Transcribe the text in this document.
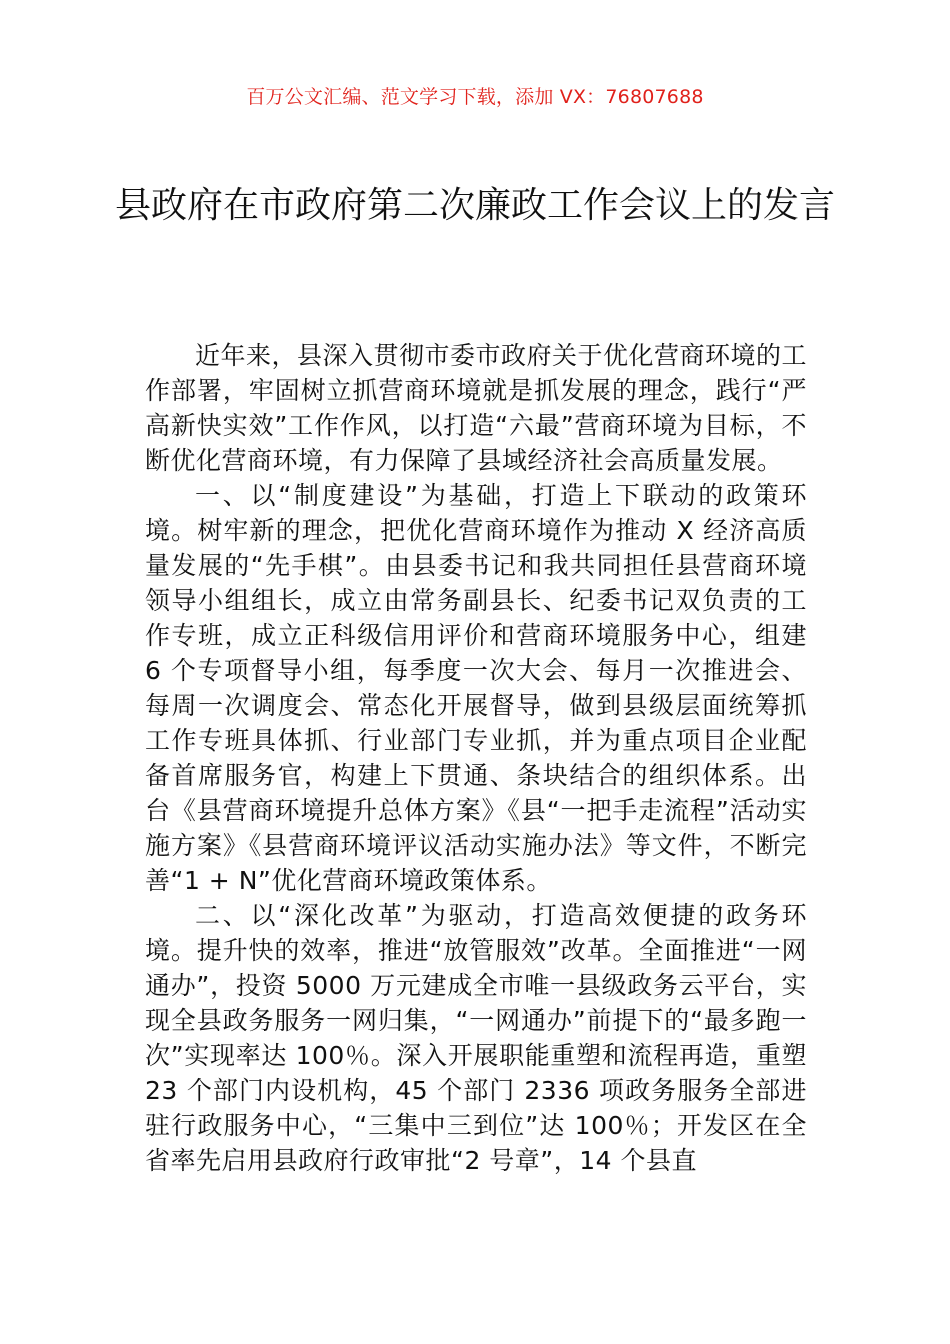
百万公文汇编、范文学习下载，添加 VX：76807688
县政府在市政府第二次廉政工作会议上的发言

近年来，县深入贯彻市委市政府关于优化营商环境的工作部署，牢固树立抓营商环境就是抓发展的理念，践行“严高新快实效”工作作风，以打造“六最”营商环境为目标，不断优化营商环境，有力保障了县域经济社会高质量发展。

一、以“制度建设”为基础，打造上下联动的政策环境。树牢新的理念，把优化营商环境作为推动 X 经济高质量发展的“先手棋”。由县委书记和我共同担任县营商环境领导小组组长，成立由常务副县长、纪委书记双负责的工作专班，成立正科级信用评价和营商环境服务中心，组建 6 个专项督导小组，每季度一次大会、每月一次推进会、每周一次调度会、常态化开展督导，做到县级层面统筹抓工作专班具体抓、行业部门专业抓，并为重点项目企业配备首席服务官，构建上下贯通、条块结合的组织体系。出台《县营商环境提升总体方案》《县“一把手走流程”活动实施方案》《县营商环境评议活动实施办法》等文件，不断完善“1 + N”优化营商环境政策体系。

二、以“深化改革”为驱动，打造高效便捷的政务环境。提升快的效率，推进“放管服效”改革。全面推进“一网通办”，投资 5000 万元建成全市唯一县级政务云平台，实现全县政务服务一网归集，“一网通办”前提下的“最多跑一次”实现率达 100％。深入开展职能重塑和流程再造，重塑 23 个部门内设机构，45 个部门 2336 项政务服务全部进驻行政服务中心，“三集中三到位”达 100％；开发区在全省率先启用县政府行政审批“2 号章”，14 个县直
